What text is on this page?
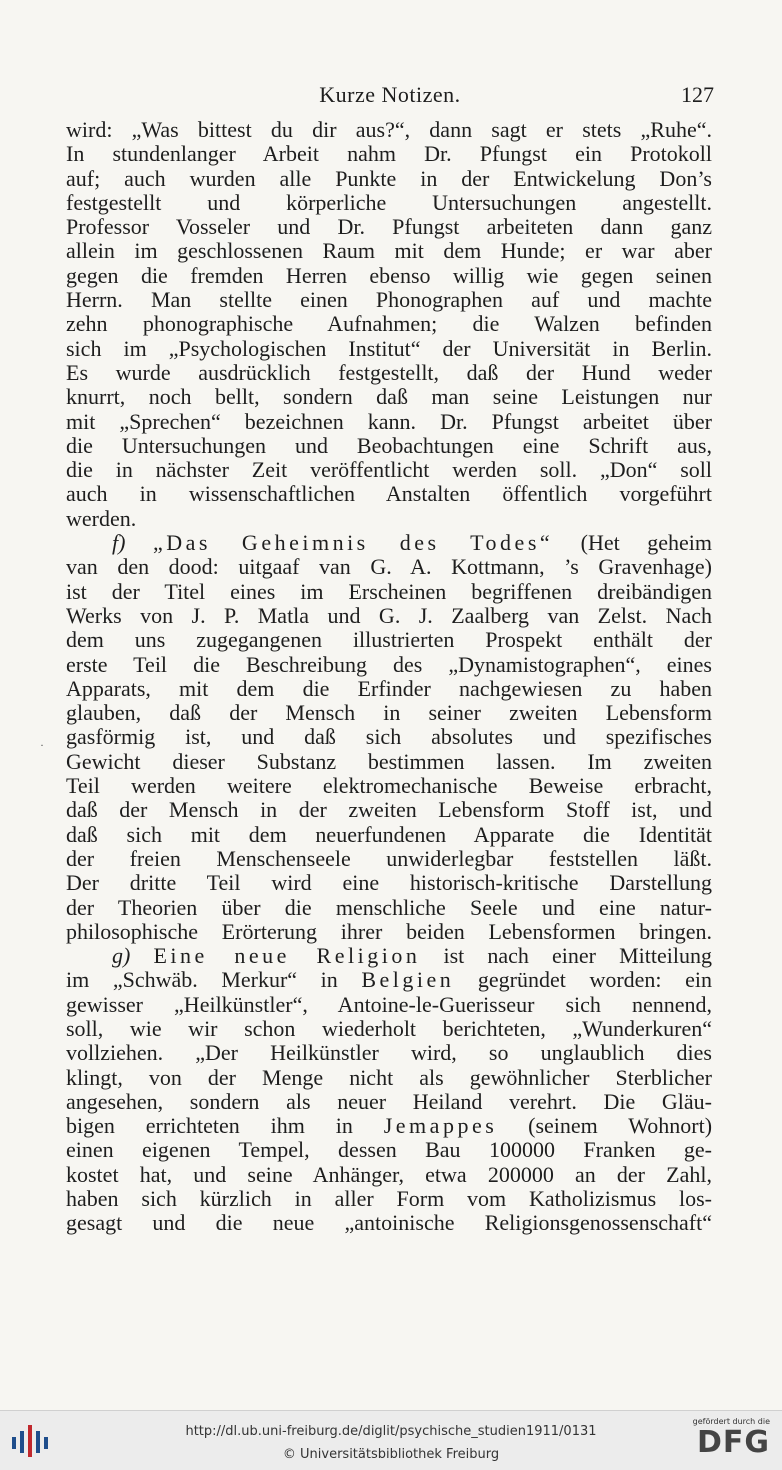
Kurze Notizen.	127
wird: „Was bittest du dir aus?“, dann sagt er stets „Ruhe“.
In stundenlanger Arbeit nahm Dr. Pfungst ein Protokoll
auf; auch wurden alle Punkte in der Entwickelung Don’s
festgestellt und körperliche Untersuchungen angestellt.
Professor Vosseler und Dr. Pfungst arbeiteten dann ganz
allein im geschlossenen Raum mit dem Hunde; er war aber
gegen die fremden Herren ebenso willig wie gegen seinen
Herrn. Man stellte einen Phonographen auf und machte
zehn phonographische Aufnahmen; die Walzen befinden
sich im „Psychologischen Institut“ der Universität in Berlin.
Es wurde ausdrücklich festgestellt, daß der Hund weder
knurrt, noch bellt, sondern daß man seine Leistungen nur
mit „Sprechen“ bezeichnen kann. Dr. Pfungst arbeitet über
die Untersuchungen und Beobachtungen eine Schrift aus,
die in nächster Zeit veröffentlicht werden soll. „Don“ soll
auch in wissenschaftlichen Anstalten öffentlich vorgeführt
werden.
f) „Das Geheimnis des Todes“ (Het geheim
van den dood: uitgaaf van G. A. Kottmann, ’s Gravenhage)
ist der Titel eines im Erscheinen begriffenen dreibändigen
Werks von J. P. Matla und G. J. Zaalberg van Zelst. Nach
dem uns zugegangenen illustrierten Prospekt enthält der
erste Teil die Beschreibung des „Dynamistographen“, eines
Apparats, mit dem die Erfinder nachgewiesen zu haben
glauben, daß der Mensch in seiner zweiten Lebensform
gasförmig ist, und daß sich absolutes und spezifisches
Gewicht dieser Substanz bestimmen lassen. Im zweiten
Teil werden weitere elektromechanische Beweise erbracht,
daß der Mensch in der zweiten Lebensform Stoff ist, und
daß sich mit dem neuerfundenen Apparate die Identität
der freien Menschenseele unwiderlegbar feststellen läßt.
Der dritte Teil wird eine historisch-kritische Darstellung
der Theorien über die menschliche Seele und eine natur-
philosophische Erörterung ihrer beiden Lebensformen bringen.
g) Eine neue Religion ist nach einer Mitteilung
im „Schwäb. Merkur“ in Belgien gegründet worden: ein
gewisser „Heilkünstler“, Antoine-le-Guerisseur sich nennend,
soll, wie wir schon wiederholt berichteten, „Wunderkuren“
vollziehen. „Der Heilkünstler wird, so unglaublich dies
klingt, von der Menge nicht als gewöhnlicher Sterblicher
angesehen, sondern als neuer Heiland verehrt. Die Gläu-
bigen errichteten ihm in Jemappes (seinem Wohnort)
einen eigenen Tempel, dessen Bau 100000 Franken ge-
kostet hat, und seine Anhänger, etwa 200000 an der Zahl,
haben sich kürzlich in aller Form vom Katholizismus los-
gesagt und die neue „antoinische Religionsgenossenschaft“
·
http://dl.ub.uni-freiburg.de/diglit/psychische_studien1911/0131
© Universitätsbibliothek Freiburg
gefördert durch die
DFG
